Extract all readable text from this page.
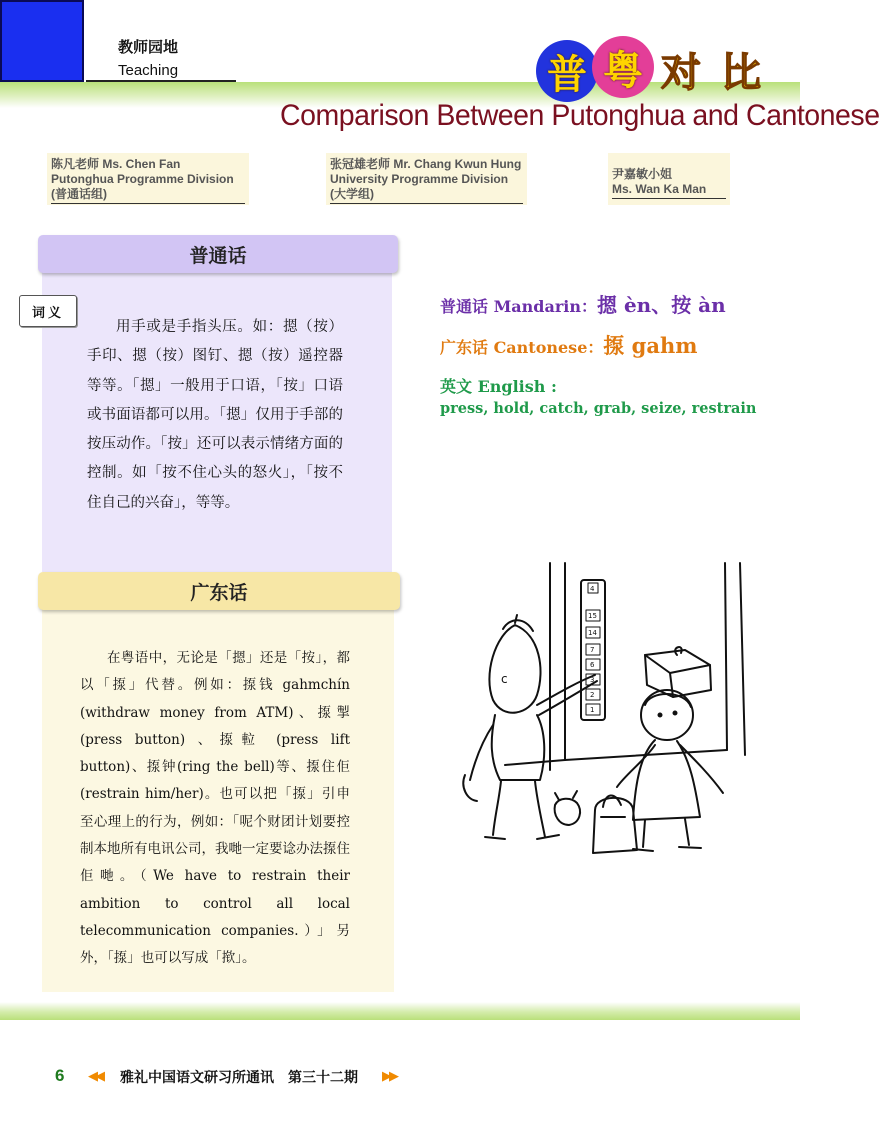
教师园地
Teaching	普 粤 对 比
Comparison Between Putonghua and Cantonese
陈凡老师 Ms. Chen Fan
Putonghua Programme Division
(普通话组)
张冠雄老师 Mr. Chang Kwun Hung
University Programme Division
(大学组)
尹嘉敏小姐
Ms. Wan Ka Man
普通话
词义

用手或是手指头压。如：摁（按）手印、摁（按）图钉、摁（按）遥控器等等。「摁」一般用于口语，「按」口语或书面语都可以用。「摁」仅用于手部的按压动作。「按」还可以表示情绪方面的控制。如「按不住心头的怒火」，「按不住自己的兴奋」，等等。

广东话

在粤语中，无论是「摁」还是「按」，都以「揼」代替。例如：揼钱 gahmchín (withdraw money from ATM)、揼掣 (press button) 、揼𨋢 (press lift button)、揼钟(ring the bell)等、揼住佢 (restrain him/her)。也可以把「揼」引申至心理上的行为，例如：「呢个财团计划要控制本地所有电讯公司，我哋一定要谂办法揼住佢哋。（We have to restrain their ambition to control all local telecommunication companies.）」另外，「揼」也可以写成「揿」。

普通话 Mandarin：摁 èn、按 àn
广东话 Cantonese：揼 gahm
英文 English :
press, hold, catch, grab, seize, restrain
4
15
14
7
6
3
2
1
c
6 ◀◀ 雅礼中国语文研习所通讯　第三十二期 ▶▶
